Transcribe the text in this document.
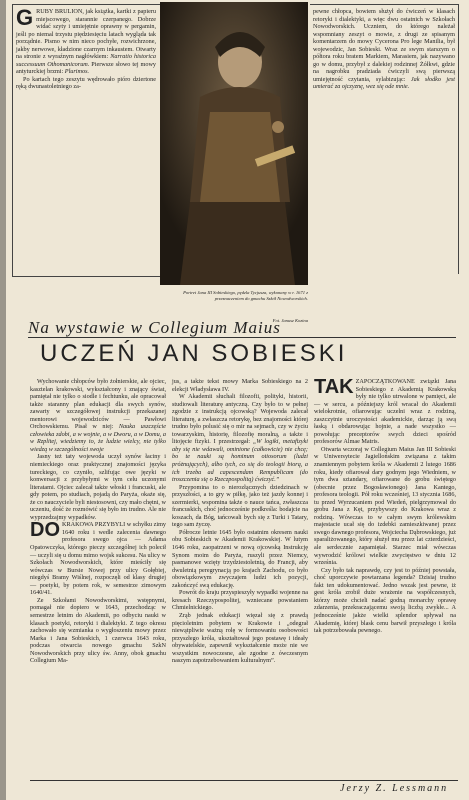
GRUBY BRULION, jak książka, kartki z papieru miejscowego, starannie czerpanego. Dobrze widać szyty i umiejętnie oprawny w pergamin, jeśli po niemal trzystu piędziesięciu latach wygląda tak porządnie. Pismo w nim nieco pochyłe, rozwichrzone, jakby nerwowe, kładzione czarnym inkaustem. Otwarty na stronie z wyraźnym nagłówkiem: Narratio historica successuum Othomanicorum. Pierwsze słowo tej mowy antyturckiej brzmi: Plurimos.

Po kartach tego zeszytu wędrowało pióro dziertone ręką dwunastoletniego za-

Portret Jana III Sobieskiego, pędzla Tycjusza, wykonany w r. 1671 z przeznaczeniem do gmachu Szkół Nowodworskich.
Fot. Janusz Kozina

pewne chłopca, bowiem służył do ćwiczeń w klasach retoryki i dialektyki, a więc dwu ostatnich w Szkołach Nowodworskich. Uczniem, do którego należał wspomniany zeszyt o mowie, z drugi ze spisanym komentarzem do mowy Cycerona Pro lege Manilia, był wojewodzic, Jan Sobieski. Wraz ze swym starszym o półtora roku bratem Markiem, Marasiem, jak nazywano go w domu, przybył z dalekiej rodzinnej Żółkwi, gdzie na nagrobku pradziada ćwiczyli swą pierwszą umiejętność czytania, sylabizując: Jak słodko jest umierać za ojczyznę, wez się ode mnie.

Na wystawie w Collegium Maius
UCZEŃ JAN SOBIESKI

Wychowanie chłopców było żołnierskie, ale ojciec, kasztelan krakowski, wykształcony i znający świat, pamiętał nie tylko o siodle i fechtunku, ale opracował także staranny plan edukacji dla swych synów, zawarty w szczegółowej instrukcji przekazanej mentorowi wojewodziców — Pawłowi Orchowskiemu. Pisał w niej: Nauka uszczęście człowieka zdobi, a w wojnie, a w Dworu, a w Domu, a w Rzplitej, wiedziemy to, że ludzie wielcy, nie tylko wiedzą w szczególności swoje

Jasny też taty wojewoda uczył synów łaciny i niemieckiego oraz praktycznej znajomości języka tureckiego, co czyniło, szlifując owe języki w konwersacji z przybyłymi w tym celu uczonymi literatami. Ojciec zalecał także włoski i francuski, ale gdy potem, po studiach, pojadą do Paryża, okaże się, że co nauczyciele byli niestosowni, czy mało chętni, w uczeniu, dość że rozmówić się było im trudno. Ale nie wyprzedzajmy wypadków.

DO KRAKOWA PRZYBYLI w schyłku zimy 1640 roku i wedle zalecenia dawnego profesora swego ojca — Adama Opatowczyka, którego pieczy szczególnej ich polecił — uczyli się u domu mimo wojsk sukcesu. Na ulicy w Szkołach Nowodworskich, które mieściły się wówczas w Bursie Nowej przy ulicy Gołębiej, niegdyś Bramy Wiślnej, rozpoczęli od klasy drugiej — poetyki, by potem rok, w semestrze zimowym 1640/41.

Ze Szkołami Nowodworskimi, wstępnymi, pomagał nie dopiero w 1643, przechodząc w semestrze letnim do Akademii, po odbyciu nauki w klasach poetyki, retoryki i dialektyki. Z tego okresu zachowało się wzmianka o wygłoszeniu mowy przez Marka i Jana Sobieskich, 1 czerwca 1643 roku, podczas otwarcia nowego gmachu SzkN Nowodworskich przy ulicy św. Anny, obok gmachu Collegium Ma-

jus, a także tekst mowy Marka Sobieskiego na 2 elekcji Władysława IV.

W Akademii słuchali filozofii, polityki, historii, studiowali literaturę antyczną. Czy było to w pełnej zgodzie z instrukcją ojcowską? Wojewoda zalecał literaturę, a zwłaszcza retorykę, bez znajomości której trudno było polusić się o mir na sejmach, czy w życiu towarzyskim, historię, filozofię moralną, a także i litojęcie fizyki. I przestrzegał: „W logiki, metafizyki aby się nie wdawali, ominione (całkowicie) nie chcę; bo te nauki są hominum otiosorum (ludzi próżnujących), albo tych, co się do teologii biorą, a ich trzeba ad capescendam Rempublicam (do troszczenia się o Rzeczpospolitą) ćwiczyć.”

Przypomina to o nierozłącznych dziedzinach w przyszłości, a to gry w piłkę, jako też jazdy konnej i szermierki, wspomina także o nauce tańca, zwłaszcza francuskich, choć jednocześnie podkreśla: bodajcie na koszach, da Bóg, tańcowali bych się z Turki i Tatary, tego sam życzę.

Półrocze letnie 1645 było ostatnim okresem nauki obu Sobieskich w Akademii Krakowskiej. W lutym 1646 roku, zaopatrzeni w nową ojcowską Instrukcję Synom moim do Paryża, ruszyli przez Niemcy, pasmanowe wzięty trzydziestoletnią, do Francji, aby dwuletnią peregrynacją po krajach Zachodu, co było obowiązkowym zwyczajem ludzi ich pozycji, zakończyć swą edukację.

Powrót do kraju przyspieszyły wypadki wojenne na kresach Rzeczypospolitej, wzniecane powstaniem Chmielnickiego.

Zrąb jednak edukacji więzał się z prawdą pięcioletnim pobytem w Krakowie i „odegrał niewątpliwie ważną rolę w formowaniu osobowości przyszłego króla, ukształtował jego postawę i ideały obywatelskie, zapewnił wykształcenie może nie we wszystkim nowoczesne, ale zgodne z ówczesnym naszym zapotrzebowaniem kulturalnym”.

TAK ZAPOCZĄTKOWANE związki Jana Sobieskiego z Akademią Krakowską były nie tylko utrwalone w pamięci, ale — w sercu, a późniejszy król wracał do Akademii wielokrotnie, ofiarowując uczelni wraz z rodziną, zaszczytnie uroczystości akademickie, darząc ją swą łaską i obdarowując hojnie, a nade wszystko — powołując preceptorów swych dzieci spośród profesorów Almae Matris.

Otwarta wczoraj w Collegium Maius Jan III Sobieski w Uniwersytecie Jagiellońskim związana z takim znamiennym pobytem króla w Akademii 2 lutego 1686 roku, kiedy ofiarował dary godnym jego Wiedniem, w tym dwa sztandary, ofiarowane do grobu świętego (obecnie przez Bogosławionego) Jana Kantego, profesora teologii. Pół roku wcześniej, 13 stycznia 1686, tu przed Wyrzucaniem pod Wiedeń, pielgrzymował do grobu Jana z Kęt, przybywszy do Krakowa wraz z rodziną. Wówczas to w całym swym królewskim majestacie ucał się do izdebki zamieszkiwanej przez swego dawnego profesora, Wojciecha Dąbrowskiego, już sparaliżowanego, który służył mu przez lat czterdzieści, ale serdecznie zapamiętał. Starzec miał wówczas wywrodzić królowi wielkie zwycięstwo w dniu 12 września.

Czy było tak naprawdę, czy jest to później powstała, choć uporczywie powtarzana legenda? Dzisiaj trudno fakt ten udokumentować. Jedno wszak jest pewne, iż gest króla zrobił duże wrażenie na współczesnych, którzy może chcieli nadać godną monarchy oprawę zdarzenia, przekraczającemu swoją liczbą zwykłe... A jednocześnie jakże wielki splendor spływał na Akademię, której blask cenu barwił przyszłego i króla tak potrzebowała pewnego.

Jerzy Z. Lessmann
